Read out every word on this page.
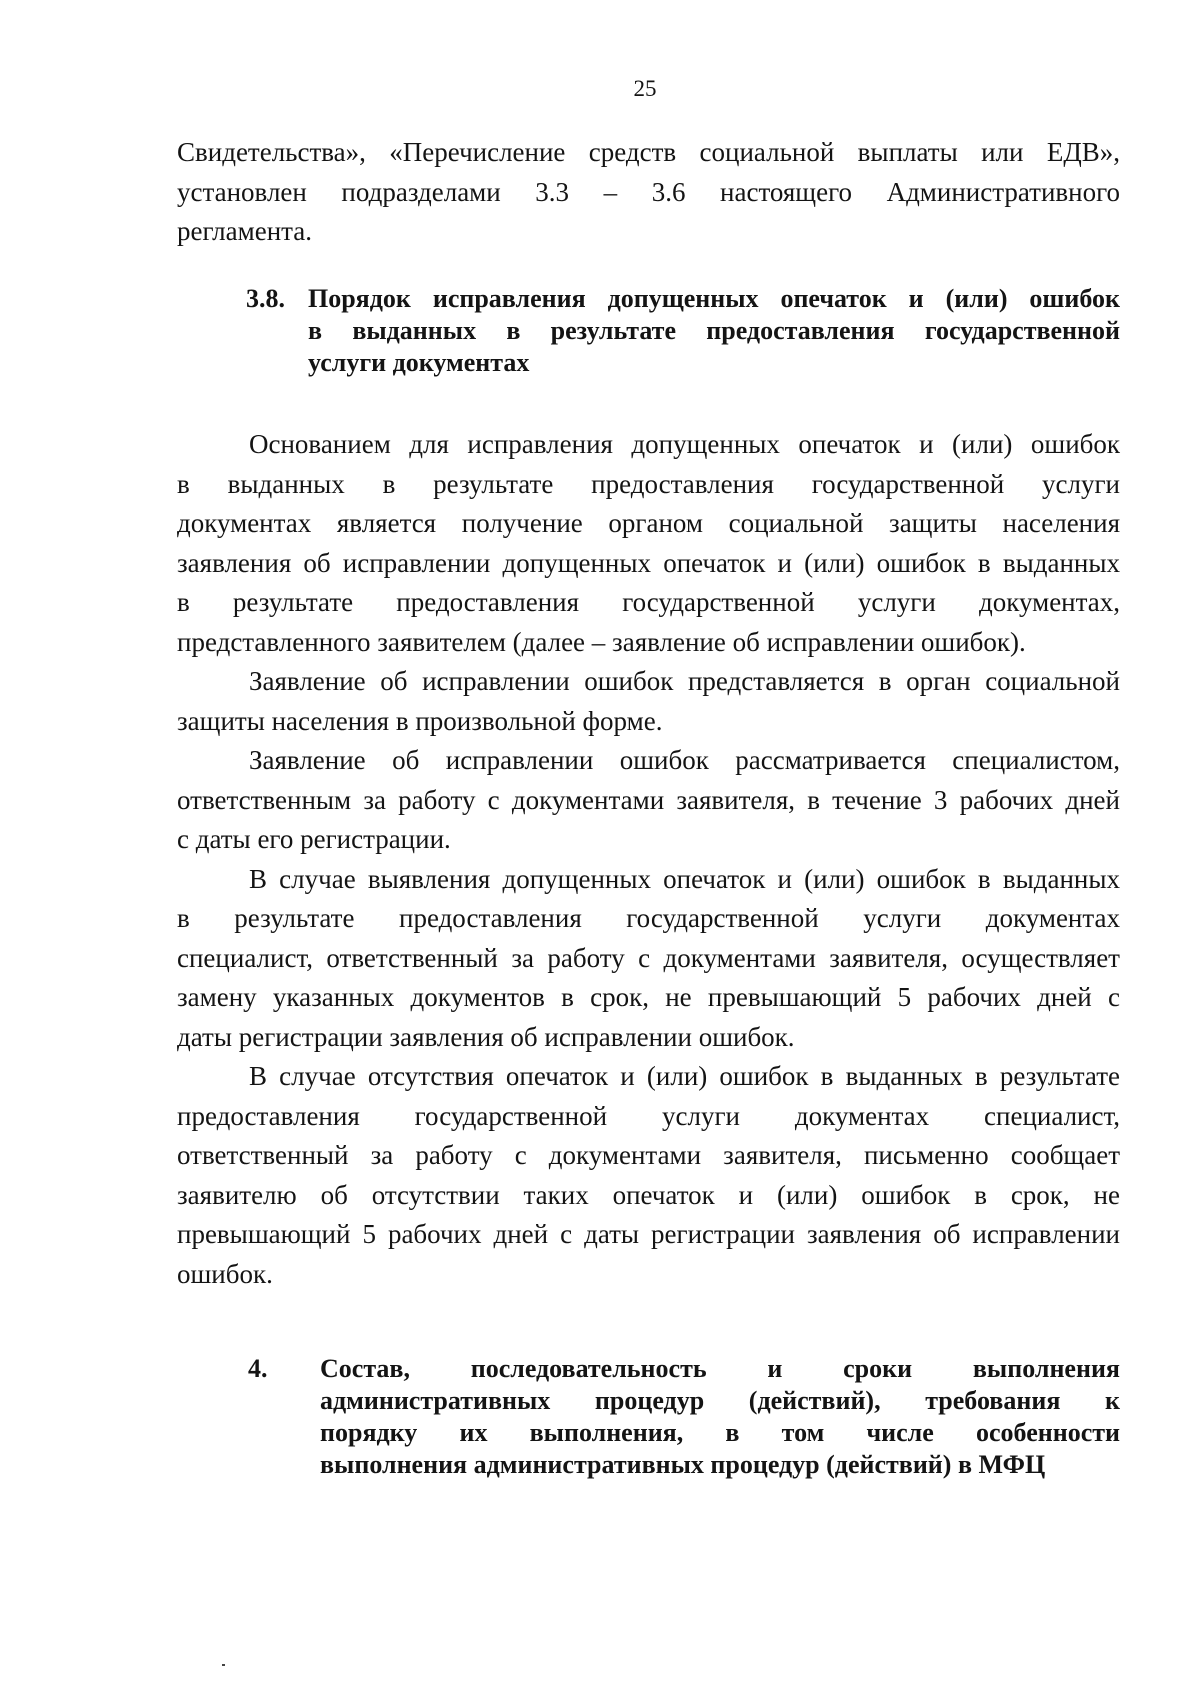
25
Свидетельства», «Перечисление средств социальной выплаты или ЕДВ»,
установлен подразделами 3.3 – 3.6 настоящего Административного
регламента.
3.8. Порядок исправления допущенных опечаток и (или) ошибок
в выданных в результате предоставления государственной
услуги документах
Основанием для исправления допущенных опечаток и (или) ошибок
в выданных в результате предоставления государственной услуги
документах является получение органом социальной защиты населения
заявления об исправлении допущенных опечаток и (или) ошибок в выданных
в результате предоставления государственной услуги документах,
представленного заявителем (далее – заявление об исправлении ошибок).
Заявление об исправлении ошибок представляется в орган социальной
защиты населения в произвольной форме.
Заявление об исправлении ошибок рассматривается специалистом,
ответственным за работу с документами заявителя, в течение 3 рабочих дней
с даты его регистрации.
В случае выявления допущенных опечаток и (или) ошибок в выданных
в результате предоставления государственной услуги документах
специалист, ответственный за работу с документами заявителя, осуществляет
замену указанных документов в срок, не превышающий 5 рабочих дней с
даты регистрации заявления об исправлении ошибок.
В случае отсутствия опечаток и (или) ошибок в выданных в результате
предоставления государственной услуги документах специалист,
ответственный за работу с документами заявителя, письменно сообщает
заявителю об отсутствии таких опечаток и (или) ошибок в срок, не
превышающий 5 рабочих дней с даты регистрации заявления об исправлении
ошибок.
4. Состав, последовательность и сроки выполнения
административных процедур (действий), требования к
порядку их выполнения, в том числе особенности
выполнения административных процедур (действий) в МФЦ
